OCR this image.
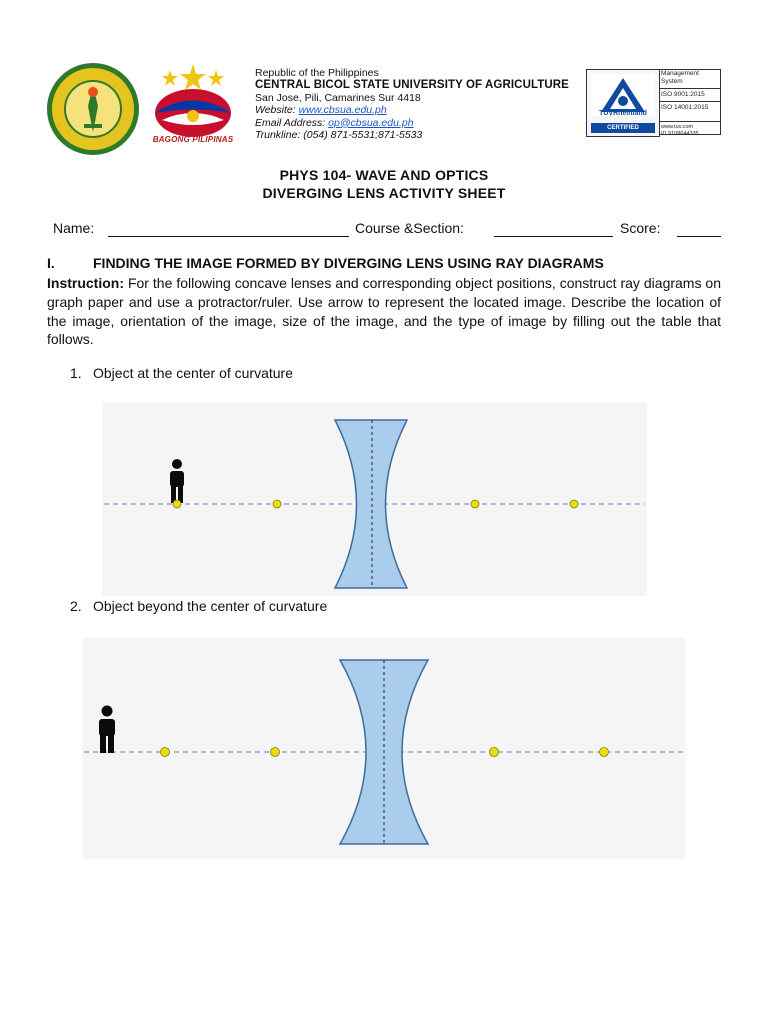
BAGONG PILIPINAS
Republic of the Philippines
CENTRAL BICOL STATE UNIVERSITY OF AGRICULTURE
San Jose, Pili, Camarines Sur 4418
Website: www.cbsua.edu.ph
Email Address: op@cbsua.edu.ph
Trunkline: (054) 871-5531;871-5533
TÜVRheinland
CERTIFIED
Management
System
ISO 9001:2015
ISO 14001:2015
www.tuv.com
ID 9108644335
PHYS 104- WAVE AND OPTICS
DIVERGING LENS ACTIVITY SHEET
Name:	Course &Section:	Score:
I.	FINDING THE IMAGE FORMED BY DIVERGING LENS USING RAY DIAGRAMS
Instruction: For the following concave lenses and corresponding object positions, construct ray diagrams on graph paper and use a protractor/ruler. Use arrow to represent the located image. Describe the location of the image, orientation of the image, size of the image, and the type of image by filling out the table that follows.
1. Object at the center of curvature
2. Object beyond the center of curvature
